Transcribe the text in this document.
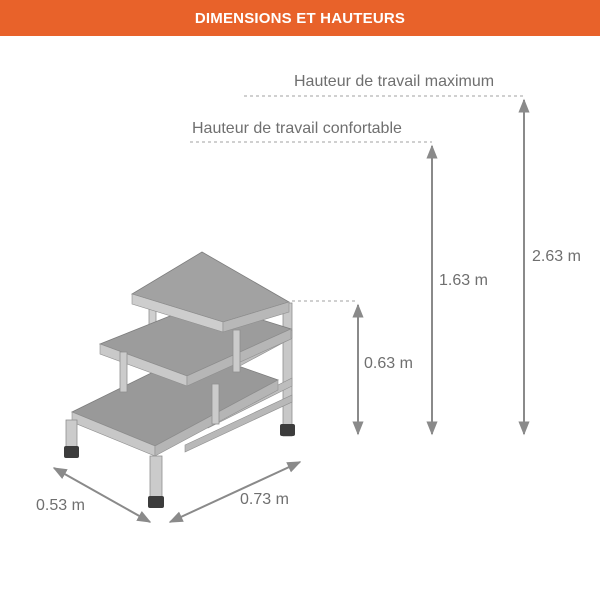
DIMENSIONS ET HAUTEURS
Hauteur de travail maximum
Hauteur de travail confortable
0.63 m
1.63 m
2.63 m
0.53 m	0.73 m
